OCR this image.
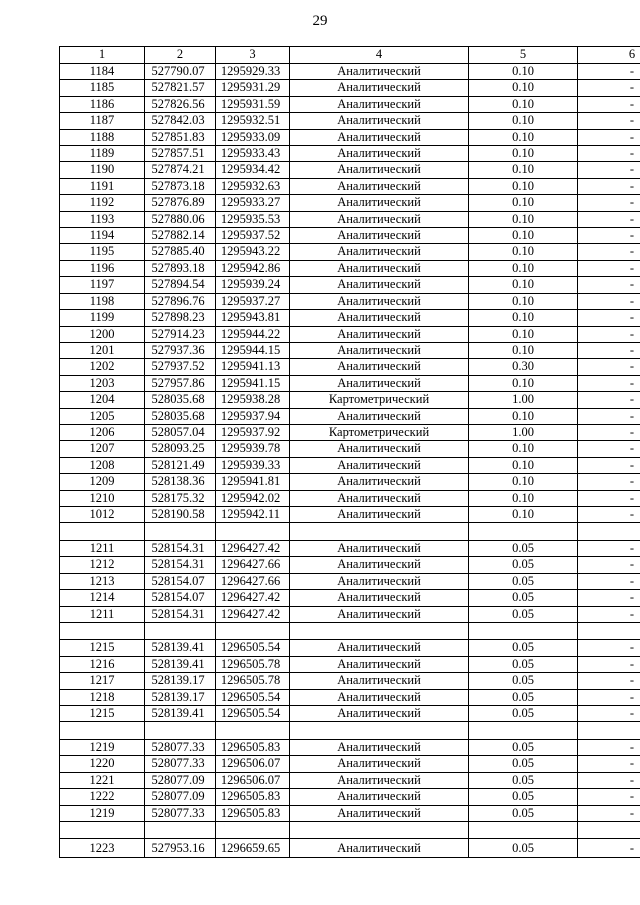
29
1	2	3	4	5	6
1184	527790.07	1295929.33	Аналитический	0.10	-
1185	527821.57	1295931.29	Аналитический	0.10	-
1186	527826.56	1295931.59	Аналитический	0.10	-
1187	527842.03	1295932.51	Аналитический	0.10	-
1188	527851.83	1295933.09	Аналитический	0.10	-
1189	527857.51	1295933.43	Аналитический	0.10	-
1190	527874.21	1295934.42	Аналитический	0.10	-
1191	527873.18	1295932.63	Аналитический	0.10	-
1192	527876.89	1295933.27	Аналитический	0.10	-
1193	527880.06	1295935.53	Аналитический	0.10	-
1194	527882.14	1295937.52	Аналитический	0.10	-
1195	527885.40	1295943.22	Аналитический	0.10	-
1196	527893.18	1295942.86	Аналитический	0.10	-
1197	527894.54	1295939.24	Аналитический	0.10	-
1198	527896.76	1295937.27	Аналитический	0.10	-
1199	527898.23	1295943.81	Аналитический	0.10	-
1200	527914.23	1295944.22	Аналитический	0.10	-
1201	527937.36	1295944.15	Аналитический	0.10	-
1202	527937.52	1295941.13	Аналитический	0.30	-
1203	527957.86	1295941.15	Аналитический	0.10	-
1204	528035.68	1295938.28	Картометрический	1.00	-
1205	528035.68	1295937.94	Аналитический	0.10	-
1206	528057.04	1295937.92	Картометрический	1.00	-
1207	528093.25	1295939.78	Аналитический	0.10	-
1208	528121.49	1295939.33	Аналитический	0.10	-
1209	528138.36	1295941.81	Аналитический	0.10	-
1210	528175.32	1295942.02	Аналитический	0.10	-
1012	528190.58	1295942.11	Аналитический	0.10	-

1211	528154.31	1296427.42	Аналитический	0.05	-
1212	528154.31	1296427.66	Аналитический	0.05	-
1213	528154.07	1296427.66	Аналитический	0.05	-
1214	528154.07	1296427.42	Аналитический	0.05	-
1211	528154.31	1296427.42	Аналитический	0.05	-

1215	528139.41	1296505.54	Аналитический	0.05	-
1216	528139.41	1296505.78	Аналитический	0.05	-
1217	528139.17	1296505.78	Аналитический	0.05	-
1218	528139.17	1296505.54	Аналитический	0.05	-
1215	528139.41	1296505.54	Аналитический	0.05	-

1219	528077.33	1296505.83	Аналитический	0.05	-
1220	528077.33	1296506.07	Аналитический	0.05	-
1221	528077.09	1296506.07	Аналитический	0.05	-
1222	528077.09	1296505.83	Аналитический	0.05	-
1219	528077.33	1296505.83	Аналитический	0.05	-

1223	527953.16	1296659.65	Аналитический	0.05	-
